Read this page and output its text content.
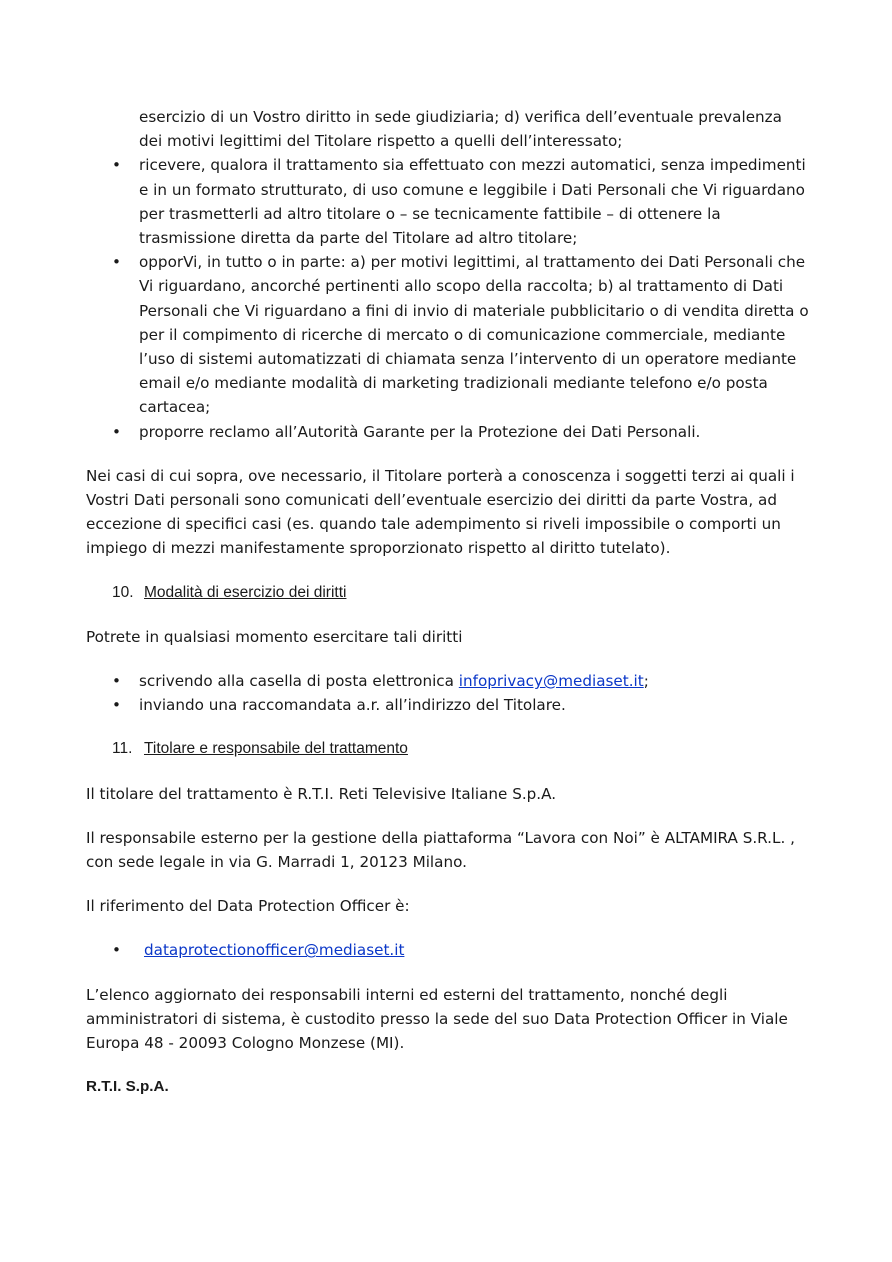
esercizio di un Vostro diritto in sede giudiziaria; d) verifica dell’eventuale prevalenza

dei motivi legittimi del Titolare rispetto a quelli dell’interessato;

• ricevere, qualora il trattamento sia effettuato con mezzi automatici, senza impedimenti e in un formato strutturato, di uso comune e leggibile i Dati Personali che Vi riguardano per trasmetterli ad altro titolare o – se tecnicamente fattibile – di ottenere la trasmissione diretta da parte del Titolare ad altro titolare;
• opporVi, in tutto o in parte: a) per motivi legittimi, al trattamento dei Dati Personali che Vi riguardano, ancorché pertinenti allo scopo della raccolta; b) al trattamento di Dati Personali che Vi riguardano a fini di invio di materiale pubblicitario o di vendita diretta o per il compimento di ricerche di mercato o di comunicazione commerciale, mediante l’uso di sistemi automatizzati di chiamata senza l’intervento di un operatore mediante email e/o mediante modalità di marketing tradizionali mediante telefono e/o posta cartacea;
• proporre reclamo all’Autorità Garante per la Protezione dei Dati Personali.

Nei casi di cui sopra, ove necessario, il Titolare porterà a conoscenza i soggetti terzi ai quali i Vostri Dati personali sono comunicati dell’eventuale esercizio dei diritti da parte Vostra, ad eccezione di specifici casi (es. quando tale adempimento si riveli impossibile o comporti un impiego di mezzi manifestamente sproporzionato rispetto al diritto tutelato).

10. Modalità di esercizio dei diritti

Potrete in qualsiasi momento esercitare tali diritti

• scrivendo alla casella di posta elettronica infoprivacy@mediaset.it;
• inviando una raccomandata a.r. all’indirizzo del Titolare.
11. Titolare e responsabile del trattamento

Il titolare del trattamento è R.T.I. Reti Televisive Italiane S.p.A.

Il responsabile esterno per la gestione della piattaforma “Lavora con Noi” è ALTAMIRA S.R.L. , con sede legale in via G. Marradi 1, 20123 Milano.

Il riferimento del Data Protection Officer è:

• dataprotectionofficer@mediaset.it

L’elenco aggiornato dei responsabili interni ed esterni del trattamento, nonché degli amministratori di sistema, è custodito presso la sede del suo Data Protection Officer in Viale Europa 48 - 20093 Cologno Monzese (MI).

R.T.I. S.p.A.
